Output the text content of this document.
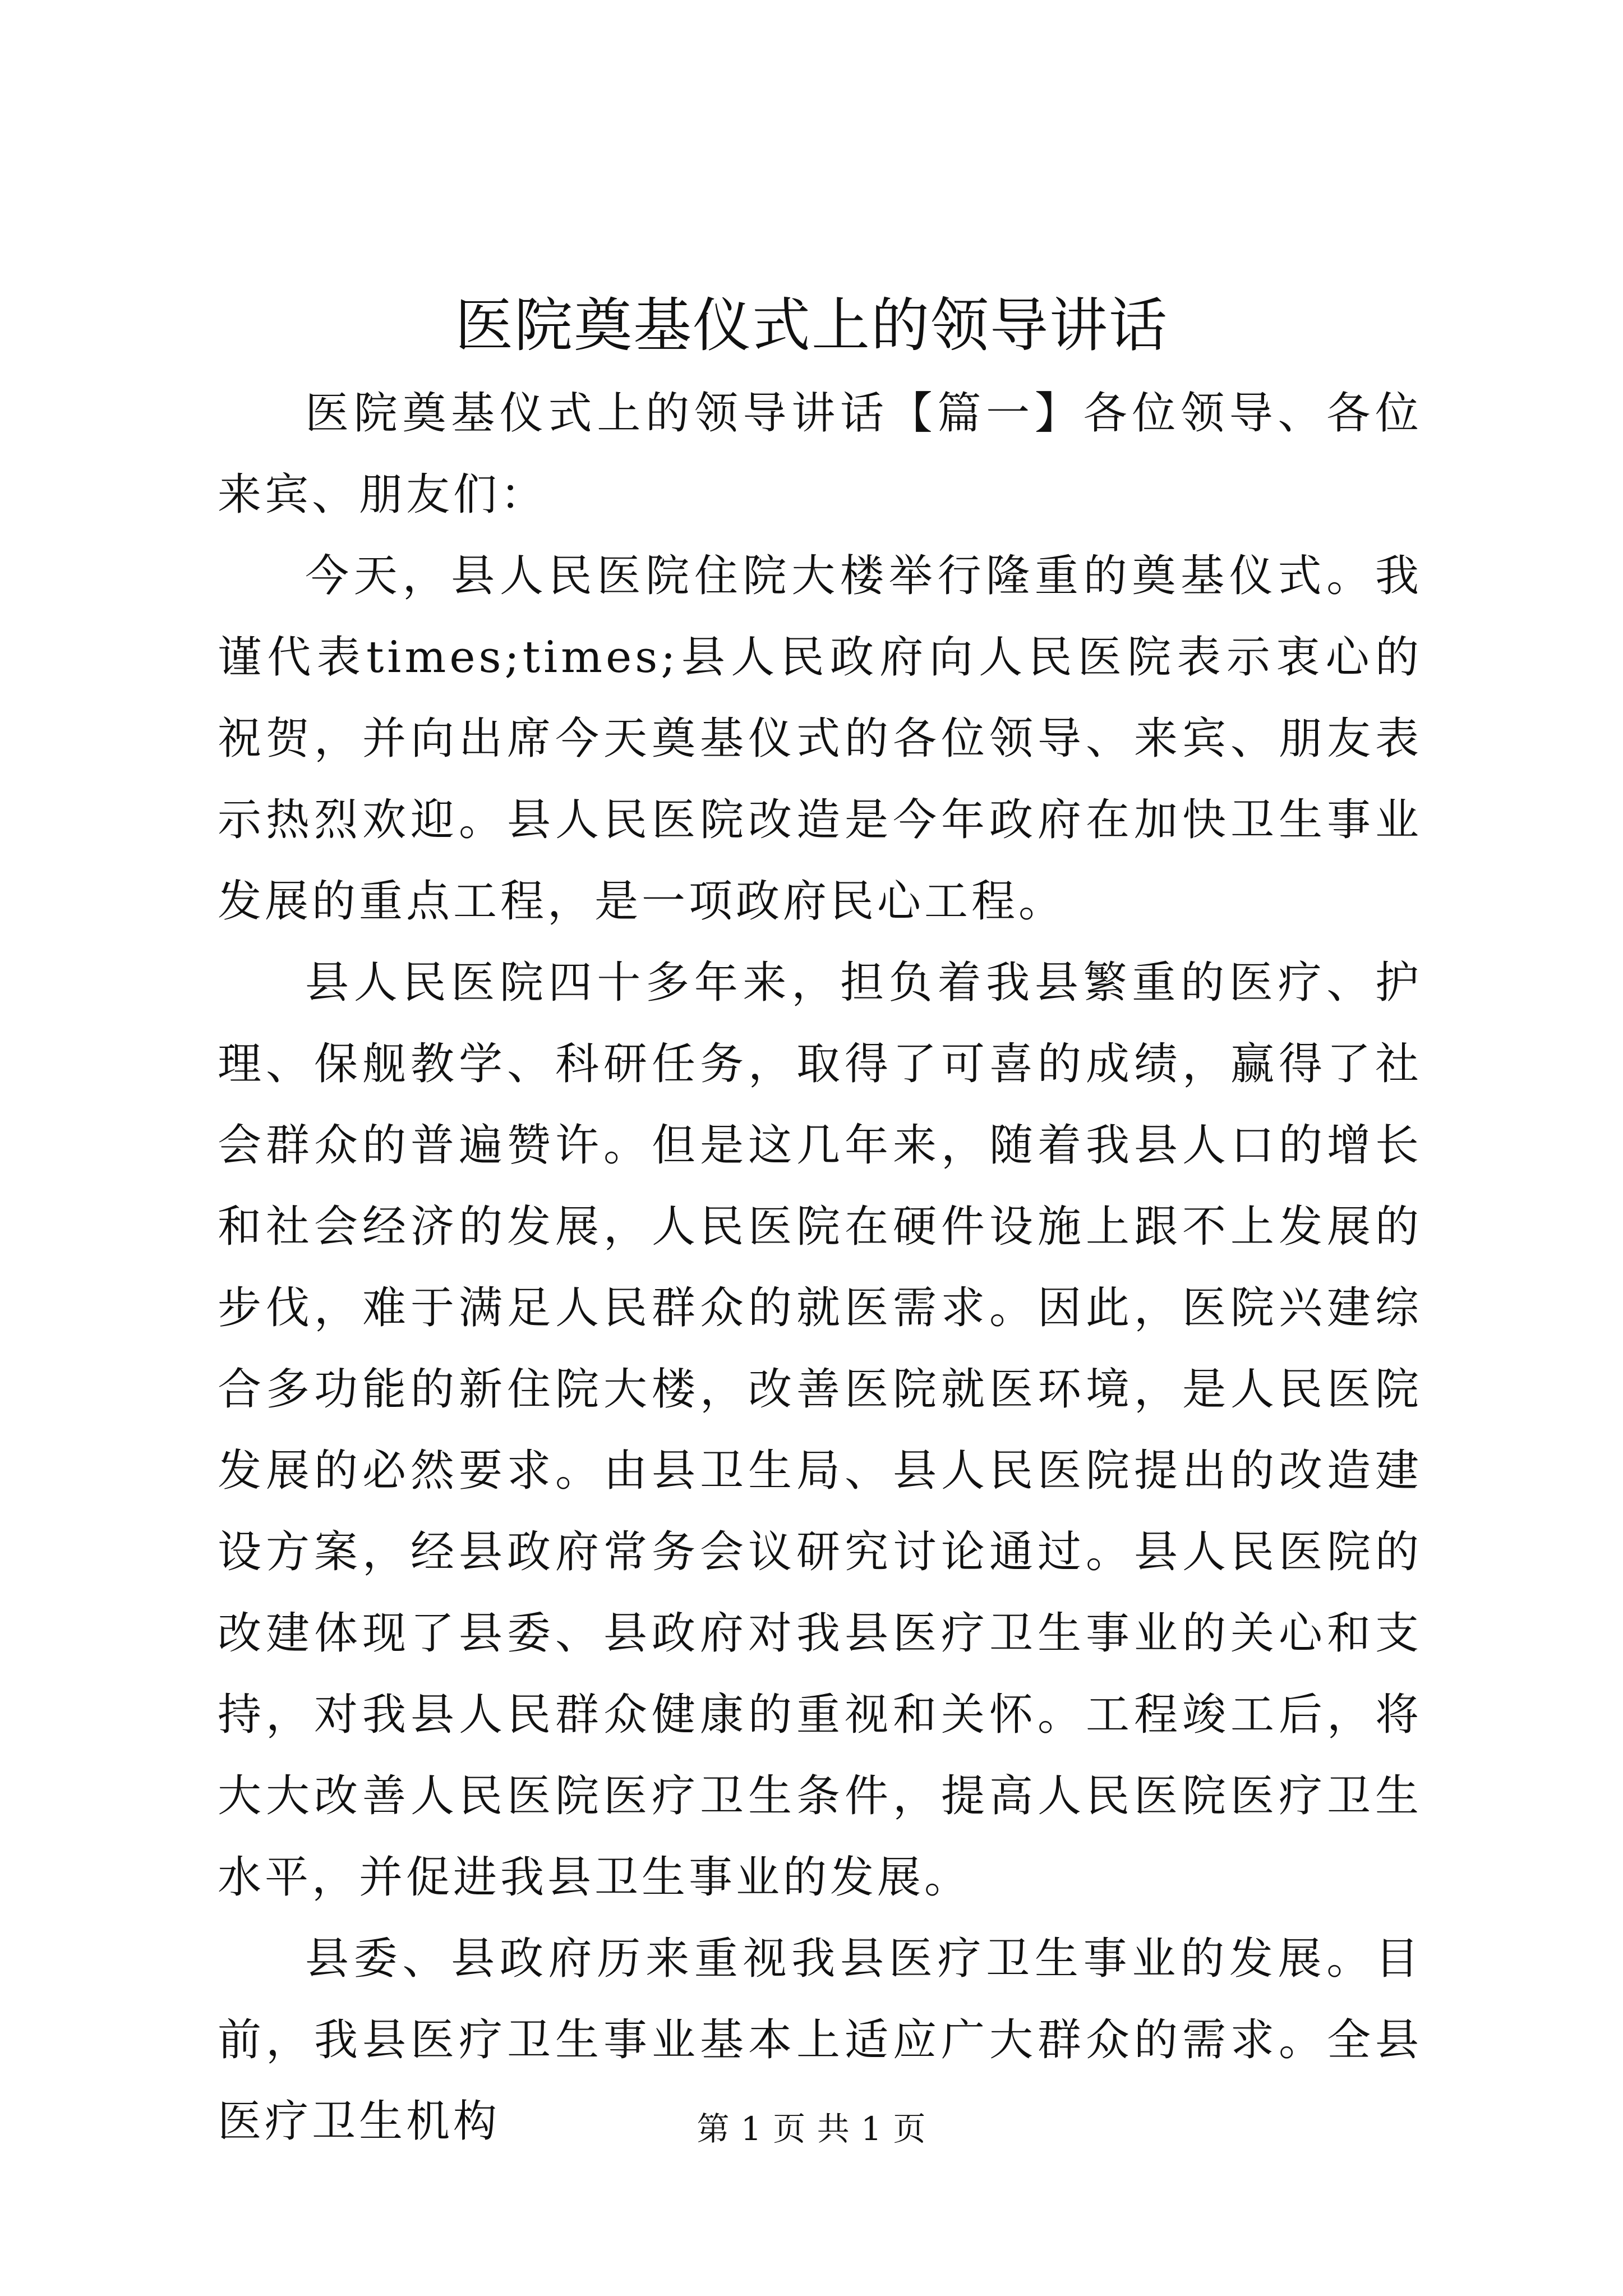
医院奠基仪式上的领导讲话

医院奠基仪式上的领导讲话【篇一】各位领导、各位来宾、朋友们：

今天，县人民医院住院大楼举行隆重的奠基仪式。我谨代表times;times;县人民政府向人民医院表示衷心的祝贺，并向出席今天奠基仪式的各位领导、来宾、朋友表示热烈欢迎。县人民医院改造是今年政府在加快卫生事业发展的重点工程，是一项政府民心工程。

县人民医院四十多年来，担负着我县繁重的医疗、护理、保舰教学、科研任务，取得了可喜的成绩，赢得了社会群众的普遍赞许。但是这几年来，随着我县人口的增长和社会经济的发展，人民医院在硬件设施上跟不上发展的步伐，难于满足人民群众的就医需求。因此，医院兴建综合多功能的新住院大楼，改善医院就医环境，是人民医院发展的必然要求。由县卫生局、县人民医院提出的改造建设方案，经县政府常务会议研究讨论通过。县人民医院的改建体现了县委、县政府对我县医疗卫生事业的关心和支持，对我县人民群众健康的重视和关怀。工程竣工后，将大大改善人民医院医疗卫生条件，提高人民医院医疗卫生水平，并促进我县卫生事业的发展。

县委、县政府历来重视我县医疗卫生事业的发展。目前，我县医疗卫生事业基本上适应广大群众的需求。全县医疗卫生机构	第 1 页 共 1 页
